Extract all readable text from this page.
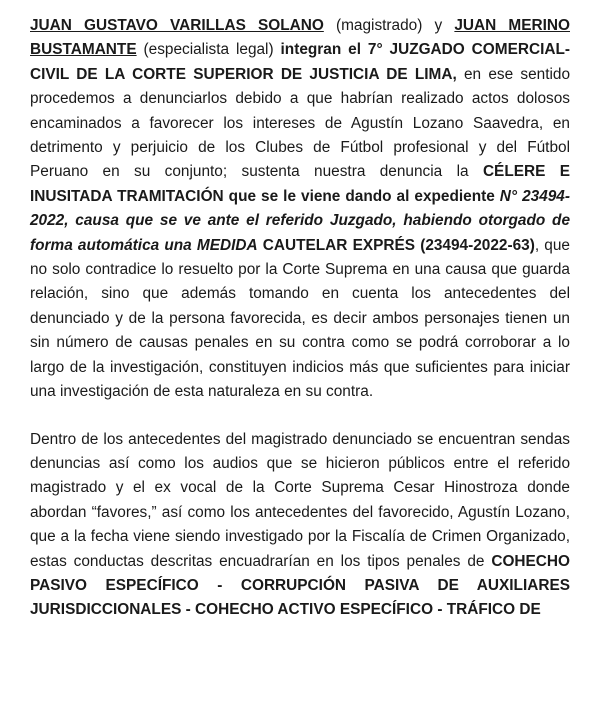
JUAN GUSTAVO VARILLAS SOLANO (magistrado) y JUAN MERINO
BUSTAMANTE (especialista legal) integran el 7° JUZGADO COMERCIAL-
CIVIL DE LA CORTE SUPERIOR DE JUSTICIA DE LIMA, en ese sentido
procedemos a denunciarlos debido a que habrían realizado actos dolosos
encaminados a favorecer los intereses de Agustín Lozano Saavedra, en
detrimento y perjuicio de los Clubes de Fútbol profesional y del Fútbol
Peruano en su conjunto; sustenta nuestra denuncia la CÉLERE E
INUSITADA TRAMITACIÓN que se le viene dando al expediente N° 23494-
2022, causa que se ve ante el referido Juzgado, habiendo otorgado de
forma automática una MEDIDA CAUTELAR EXPRÉS (23494-2022-63), que
no solo contradice lo resuelto por la Corte Suprema en una causa que guarda
relación, sino que además tomando en cuenta los antecedentes del
denunciado y de la persona favorecida, es decir ambos personajes tienen un
sin número de causas penales en su contra como se podrá corroborar a lo
largo de la investigación, constituyen indicios más que suficientes para iniciar
una investigación de esta naturaleza en su contra.
Dentro de los antecedentes del magistrado denunciado se encuentran sendas
denuncias así como los audios que se hicieron públicos entre el referido
magistrado y el ex vocal de la Corte Suprema Cesar Hinostroza donde
abordan “favores,” así como los antecedentes del favorecido, Agustín Lozano,
que a la fecha viene siendo investigado por la Fiscalía de Crimen Organizado,
estas conductas descritas encuadrarían en los tipos penales de COHECHO
PASIVO ESPECÍFICO - CORRUPCIÓN PASIVA DE AUXILIARES
JURISDICCIONALES - COHECHO ACTIVO ESPECÍFICO - TRÁFICO DE
